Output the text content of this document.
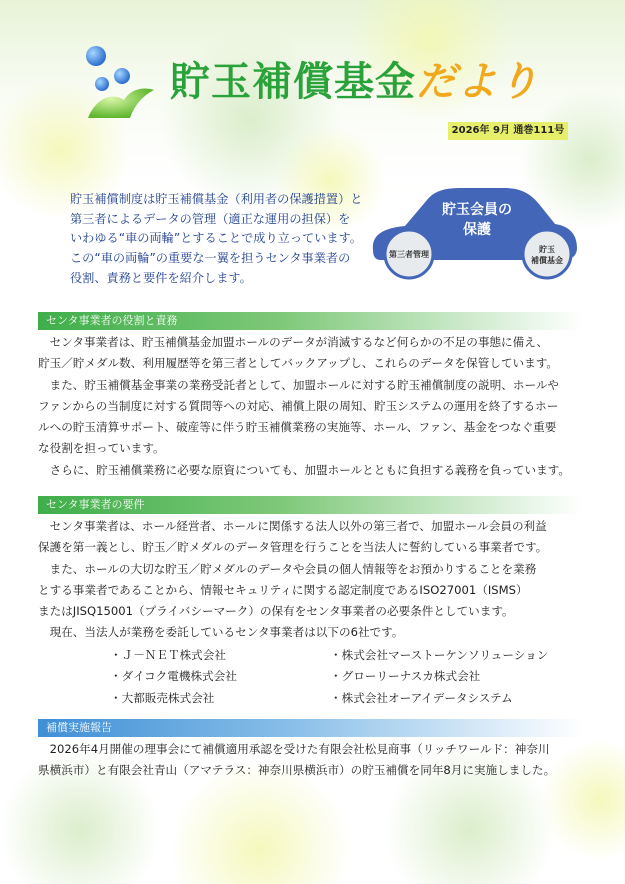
貯玉補償基金だより
2026年 9月 通巻111号

貯玉補償制度は貯玉補償基金（利用者の保護措置）と

第三者によるデータの管理（適正な運用の担保）を

いわゆる“車の両輪”とすることで成り立っています。

この“車の両輪”の重要な一翼を担うセンタ事業者の

役割、責務と要件を紹介します。

貯玉会員の
保護
第三者管理
貯玉
補償基金
センタ事業者の役割と責務

　センタ事業者は、貯玉補償基金加盟ホールのデータが消滅するなど何らかの不足の事態に備え、

貯玉／貯メダル数、利用履歴等を第三者としてバックアップし、これらのデータを保管しています。

　また、貯玉補償基金事業の業務受託者として、加盟ホールに対する貯玉補償制度の説明、ホールや

ファンからの当制度に対する質問等への対応、補償上限の周知、貯玉システムの運用を終了するホー

ルへの貯玉清算サポート、破産等に伴う貯玉補償業務の実施等、ホール、ファン、基金をつなぐ重要

な役割を担っています。

　さらに、貯玉補償業務に必要な原資についても、加盟ホールとともに負担する義務を負っています。

センタ事業者の要件

　センタ事業者は、ホール経営者、ホールに関係する法人以外の第三者で、加盟ホール会員の利益

保護を第一義とし、貯玉／貯メダルのデータ管理を行うことを当法人に誓約している事業者です。

　また、ホールの大切な貯玉／貯メダルのデータや会員の個人情報等をお預かりすることを業務

とする事業者であることから、情報セキュリティに関する認定制度であるISO27001（ISMS）

またはJISQ15001（プライバシーマーク）の保有をセンタ事業者の必要条件としています。

　現在、当法人が業務を委託しているセンタ事業者は以下の6社です。

・Ｊ－ＮＥＴ株式会社
・ダイコク電機株式会社
・大都販売株式会社
・株式会社マーストーケンソリューション
・グローリーナスカ株式会社
・株式会社オーアイデータシステム
補償実施報告

　2026年4月開催の理事会にて補償適用承認を受けた有限会社松見商事（リッチワールド：神奈川

県横浜市）と有限会社青山（アマテラス：神奈川県横浜市）の貯玉補償を同年8月に実施しました。
